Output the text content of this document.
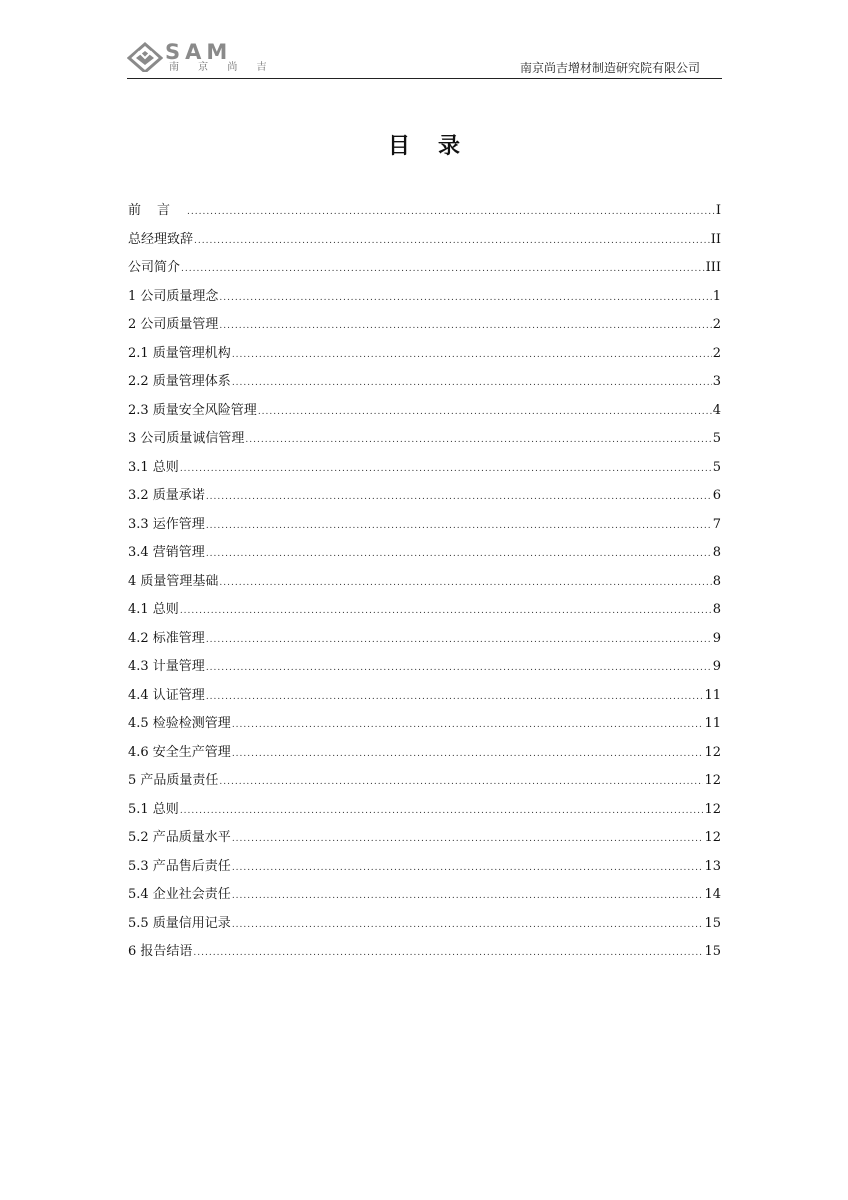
SAM
南 京 尚 吉	南京尚吉增材制造研究院有限公司
目录
前言 .....	I
总经理致辞 .....	II
公司简介 .....	III
1 公司质量理念 .....	1
2 公司质量管理 .....	2
2.1 质量管理机构 .....	2
2.2 质量管理体系 .....	3
2.3 质量安全风险管理 .....	4
3 公司质量诚信管理 .....	5
3.1 总则 .....	5
3.2 质量承诺 .....	6
3.3 运作管理 .....	7
3.4 营销管理 .....	8
4 质量管理基础 .....	8
4.1 总则 .....	8
4.2 标准管理 .....	9
4.3 计量管理 .....	9
4.4 认证管理 .....	11
4.5 检验检测管理 .....	11
4.6 安全生产管理 .....	12
5 产品质量责任 .....	12
5.1 总则 .....	12
5.2 产品质量水平 .....	12
5.3 产品售后责任 .....	13
5.4 企业社会责任 .....	14
5.5 质量信用记录 .....	15
6 报告结语 .....	15
